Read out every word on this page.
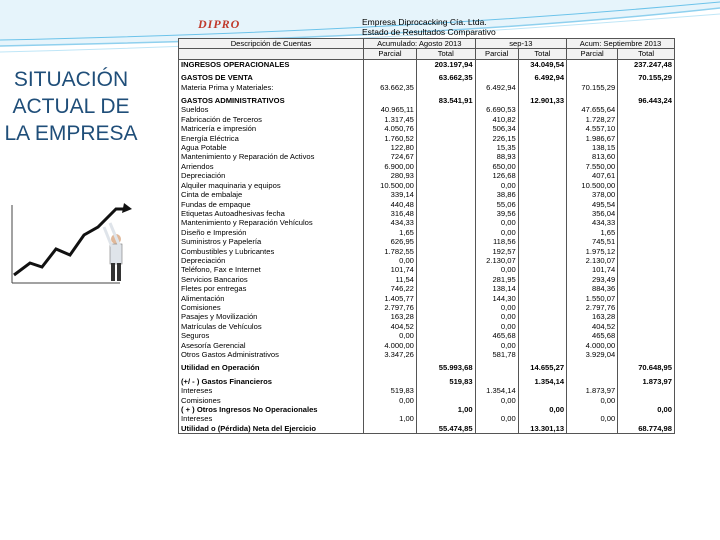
SITUACIÓN ACTUAL DE LA EMPRESA
DIPRO	Empresa Diprocacking Cía. Ltda.
Estado de Resultados Comparativo
Descripción de Cuentas	Acumulado: Agosto 2013		sep-13		Acum: Septiembre 2013	
	Parcial	Total	Parcial	Total	Parcial	Total
INGRESOS OPERACIONALES		203.197,94		34.049,54		237.247,48

GASTOS DE VENTA		63.662,35		6.492,94		70.155,29
Materia Prima y Materiales:	63.662,35		6.492,94		70.155,29	

GASTOS ADMINISTRATIVOS		83.541,91		12.901,33		96.443,24
Sueldos	40.965,11		6.690,53		47.655,64	
Fabricación de Terceros	1.317,45		410,82		1.728,27	
Matricería e impresión	4.050,76		506,34		4.557,10	
Energía Eléctrica	1.760,52		226,15		1.986,67	
Agua Potable	122,80		15,35		138,15	
Mantenimiento y Reparación de Activos	724,67		88,93		813,60	
Arriendos	6.900,00		650,00		7.550,00	
Depreciación	280,93		126,68		407,61	
Alquiler maquinaria y equipos	10.500,00		0,00		10.500,00	
Cinta de embalaje	339,14		38,86		378,00	
Fundas de empaque	440,48		55,06		495,54	
Etiquetas Autoadhesivas fecha	316,48		39,56		356,04	
Mantenimiento y Reparación Vehículos	434,33		0,00		434,33	
Diseño e Impresión	1,65		0,00		1,65	
Suministros y Papelería	626,95		118,56		745,51	
Combustibles y Lubricantes	1.782,55		192,57		1.975,12	
Depreciación	0,00		2.130,07		2.130,07	
Teléfono, Fax e Internet	101,74		0,00		101,74	
Servicios Bancarios	11,54		281,95		293,49	
Fletes por entregas	746,22		138,14		884,36	
Alimentación	1.405,77		144,30		1.550,07	
Comisiones	2.797,76		0,00		2.797,76	
Pasajes y Movilización	163,28		0,00		163,28	
Matrículas de Vehículos	404,52		0,00		404,52	
Seguros	0,00		465,68		465,68	
Asesoría Gerencial	4.000,00		0,00		4.000,00	
Otros Gastos Administrativos	3.347,26		581,78		3.929,04	

Utilidad en Operación		55.993,68		14.655,27		70.648,95

(+/ - ) Gastos Financieros		519,83		1.354,14		1.873,97
Intereses	519,83		1.354,14		1.873,97	
Comisiones	0,00		0,00		0,00	
( + ) Otros Ingresos No Operacionales		1,00		0,00		0,00
Intereses	1,00		0,00		0,00	
Utilidad o (Pérdida) Neta del Ejercicio		55.474,85		13.301,13		68.774,98
